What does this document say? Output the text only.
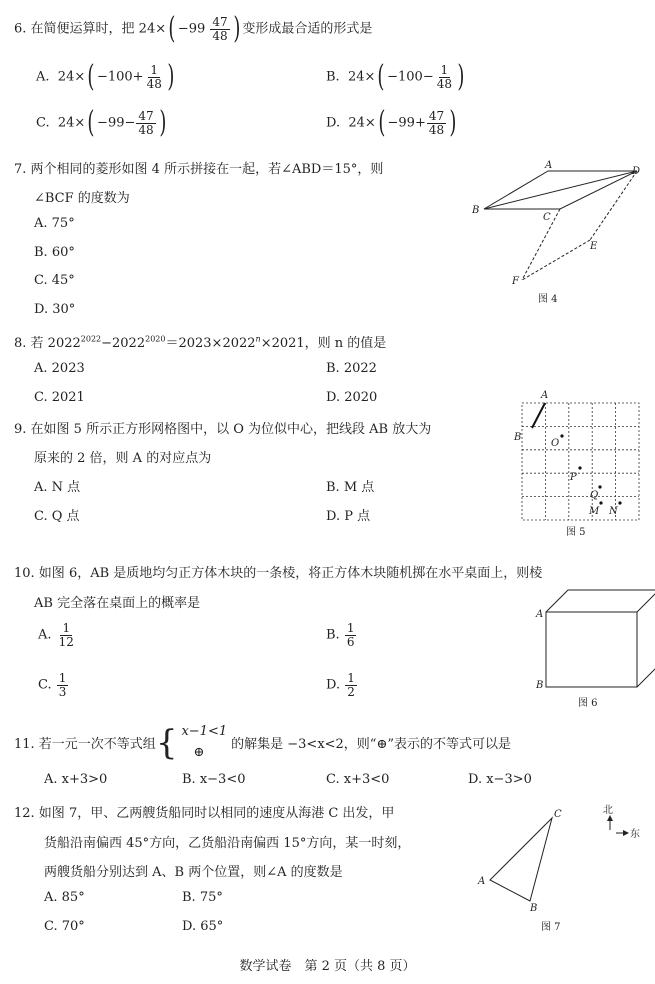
6. 在简便运算时，把 $24\times( -99 \frac{47}{48}$ ) 变形成最合适的形式是
A. $24\times( -100+ \frac{1}{48}$ )	B. $24\times( -100- \frac{1}{48}$ )
C. $24\times( -99- \frac{47}{48}$ )	D. $24\times( -99+ \frac{47}{48}$ )
7. 两个相同的菱形如图 4 所示拼接在一起，若∠ABD＝15°，则
∠BCF 的度数为
A. 75°
B. 60°
C. 45°
D. 30°
A
B
C
D
E
F
图 4
8. 若 $2022^{2022}-2022^{2020}=2023\times 2022^n\times 2021$，则 n 的值是
A. 2023	B. 2022
C. 2021	D. 2020
9. 在如图 5 所示正方形网格图中，以 O 为位似中心，把线段 AB 放大为
原来的 2 倍，则 A 的对应点为
A. N 点	B. M 点
C. Q 点	D. P 点
A
B
O
P
Q
M N
图 5
10. 如图 6，AB 是质地均匀正方体木块的一条棱，将正方体木块随机掷在水平桌面上，则棱
AB 完全落在桌面上的概率是
A. $\frac{1}{12}$	B. $\frac{1}{6}$
C. $\frac{1}{3}$	D. $\frac{1}{2}$
A
B
图 6
11. 若一元一次不等式组 { x−1<1
⊕	的解集是 −3<x<2，则“⊕”表示的不等式可以是
A. x+3>0	B. x−3<0	C. x+3<0	D. x−3>0
12. 如图 7，甲、乙两艘货船同时以相同的速度从海港 C 出发，甲
货船沿南偏西 45°方向，乙货船沿南偏西 15°方向，某一时刻，
两艘货船分别达到 A、B 两个位置，则∠A 的度数是
A. 85°	B. 75°
C. 70°	D. 65°
C
A
B
北
东
图 7
数学试卷　第 2 页（共 8 页）
